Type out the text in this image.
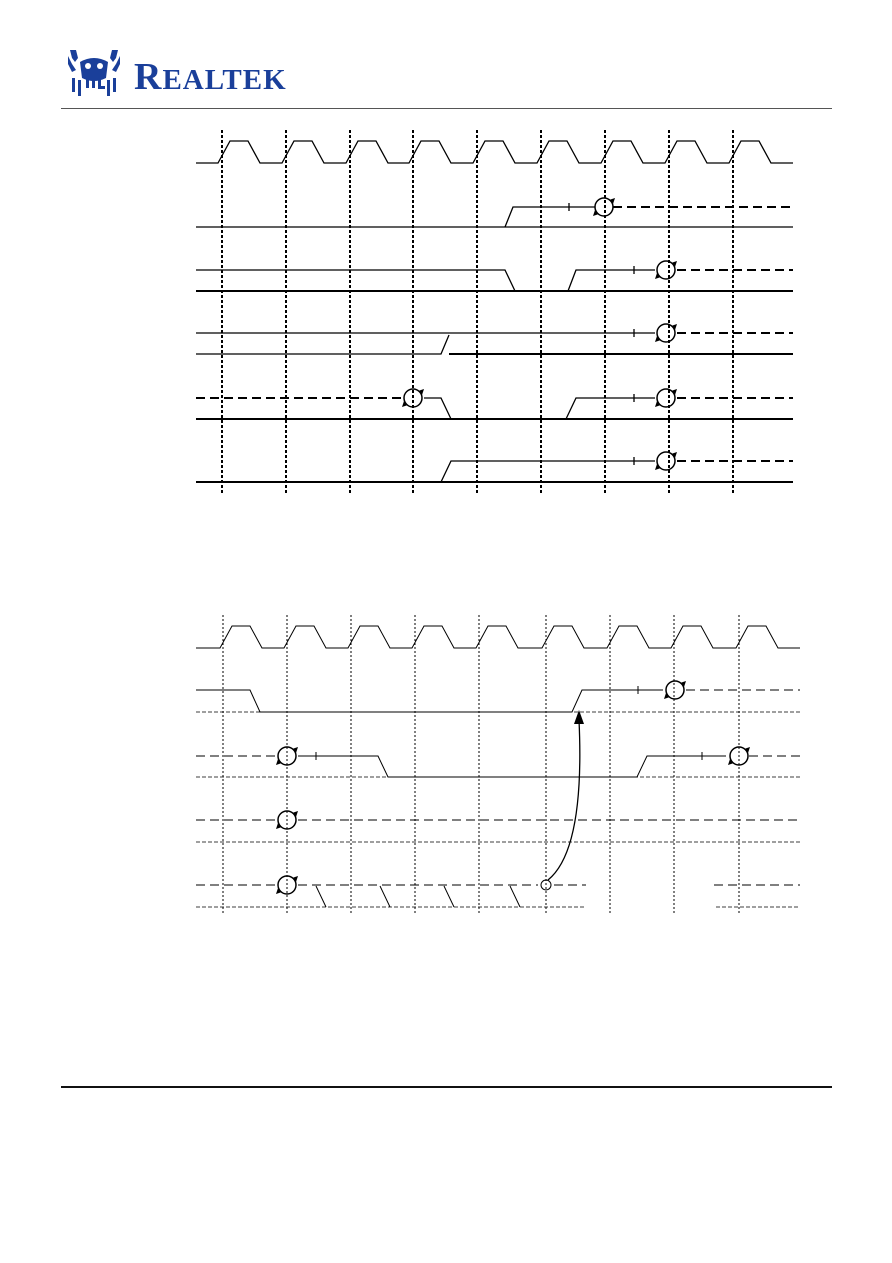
REALTEK
